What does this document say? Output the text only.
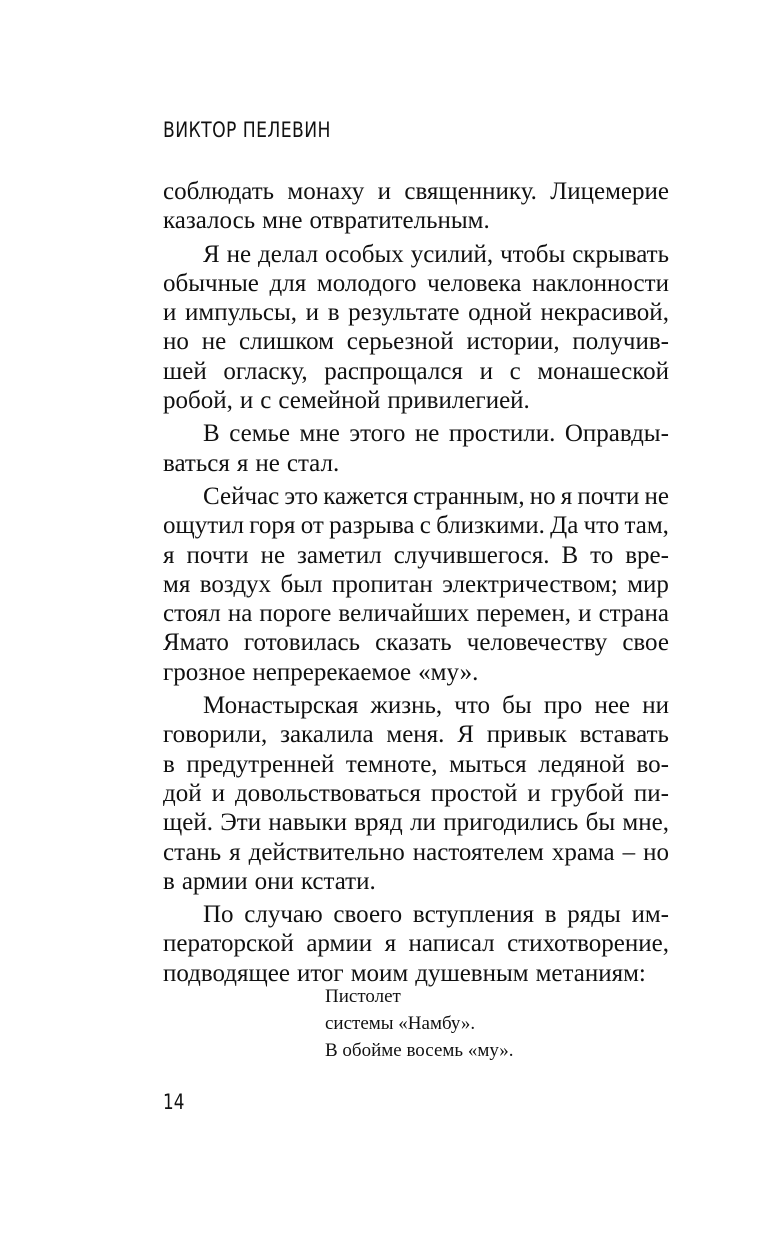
ВИКТОР ПЕЛЕВИН
соблюдать монаху и священнику. Лицемерие
казалось мне отвратительным.
Я не делал особых усилий, чтобы скрывать
обычные для молодого человека наклонности
и импульсы, и в результате одной некрасивой,
но не слишком серьезной истории, получив-
шей огласку, распрощался и с монашеской
робой, и с семейной привилегией.
В семье мне этого не простили. Оправды-
ваться я не стал.
Сейчас это кажется странным, но я почти не
ощутил горя от разрыва с близкими. Да что там,
я почти не заметил случившегося. В то вре-
мя воздух был пропитан электричеством; мир
стоял на пороге величайших перемен, и страна
Ямато готовилась сказать человечеству свое
грозное непререкаемое «му».
Монастырская жизнь, что бы про нее ни
говорили, закалила меня. Я привык вставать
в предутренней темноте, мыться ледяной во-
дой и довольствоваться простой и грубой пи-
щей. Эти навыки вряд ли пригодились бы мне,
стань я действительно настоятелем храма – но
в армии они кстати.
По случаю своего вступления в ряды им-
ператорской армии я написал стихотворение,
подводящее итог моим душевным метаниям:
Пистолет
системы «Намбу».
В обойме восемь «му».
14
